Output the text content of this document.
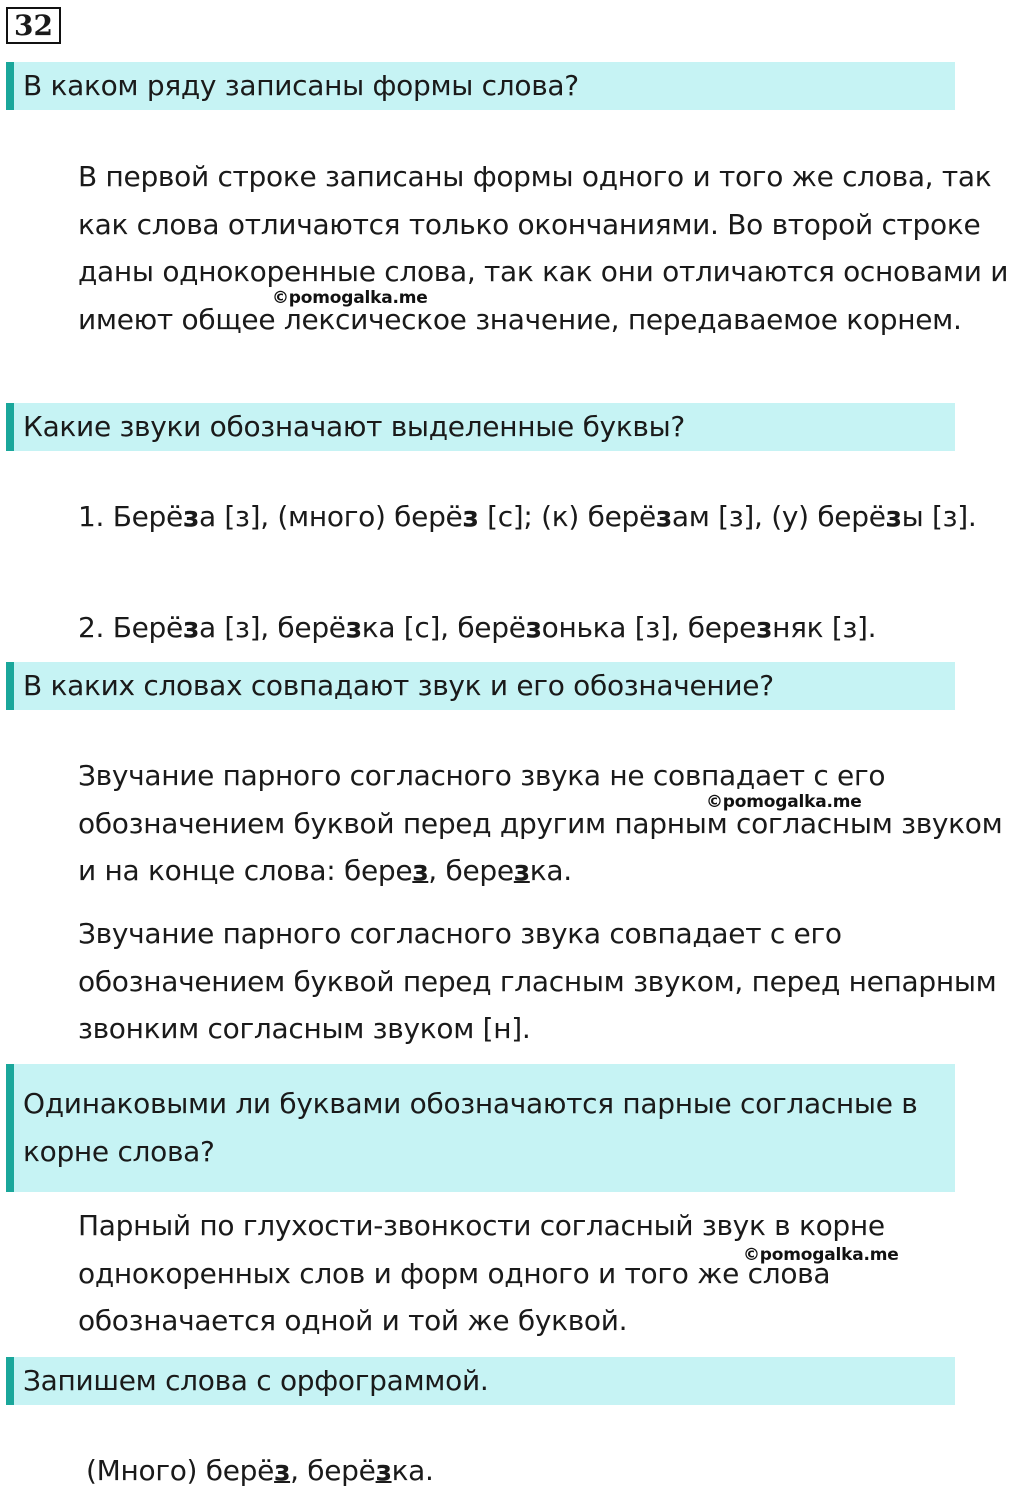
32
В каком ряду записаны формы слова?

В первой строке записаны формы одного и того же слова, так как слова отличаются только окончаниями. Во второй строке даны однокоренные слова, так как они отличаются основами и имеют общее лексическое значение, передаваемое корнем.

©pomogalka.me
Какие звуки обозначают выделенные буквы?

1. Берёза [з], (много) берёз [с]; (к) берёзам [з], (у) берёзы [з].

2. Берёза [з], берёзка [с], берёзонька [з], березняк [з].

В каких словах совпадают звук и его обозначение?

Звучание парного согласного звука не совпадает с его обозначением буквой перед другим парным согласным звуком и на конце слова: берез, березка.

©pomogalka.me

Звучание парного согласного звука совпадает с его обозначением буквой перед гласным звуком, перед непарным звонким согласным звуком [н].

Одинаковыми ли буквами обозначаются парные согласные в корне слова?

Парный по глухости-звонкости согласный звук в корне однокоренных слов и форм одного и того же слова обозначается одной и той же буквой.

©pomogalka.me
Запишем слова с орфограммой.

(Много) берёз, берёзка.
